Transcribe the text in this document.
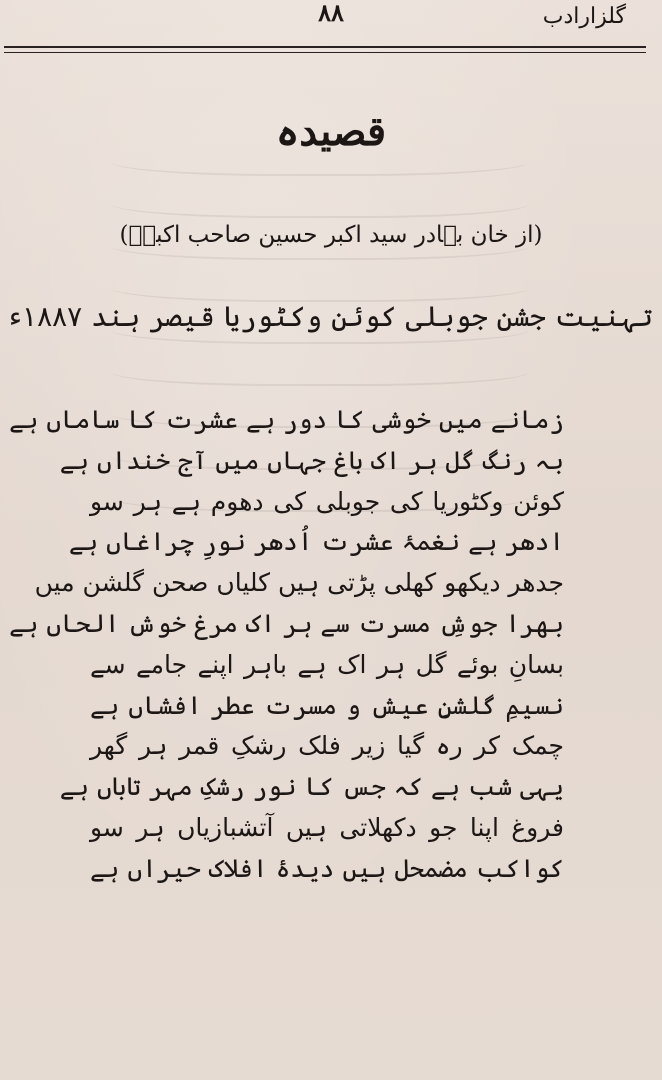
گلزارادب
۸۸
قصیدہ
(از خان بہادر سید اکبر حسین صاحب اکبرؔ)
تہنیت جشن جوبلی کوئن وکٹوریا قیصر ہند ۱۸۸۷ء
زمانے میں خوشی کا دور ہے عشرت کا ساماں ہے
بہ رنگ گل ہر اک باغ جہاں میں آج خنداں ہے
کوئن وکٹوریا کی جوبلی کی دھوم ہے ہر سو
ادھر ہے نغمۂ عشرت اُدھر نورِ چراغاں ہے
جدھر دیکھو کھلی پڑتی ہیں کلیاں صحن گلشن میں
بھرا جوشِ مسرت سے ہر اک مرغ خوش الحاں ہے
بسانِ بوئے گل ہر اک ہے باہر اپنے جامے سے
نسیمِ گلشنِ عیش و مسرت عطر افشاں ہے
چمک کر رہ گیا زیر فلک رشکِ قمر ہر گھر
یہی شب ہے کہ جس کا نور رشکِ مہر تاباں ہے
فروغ اپنا جو دکھلاتی ہیں آتشبازیاں ہر سو
کواکب مضمحل ہیں دیدۂ افلاک حیراں ہے
